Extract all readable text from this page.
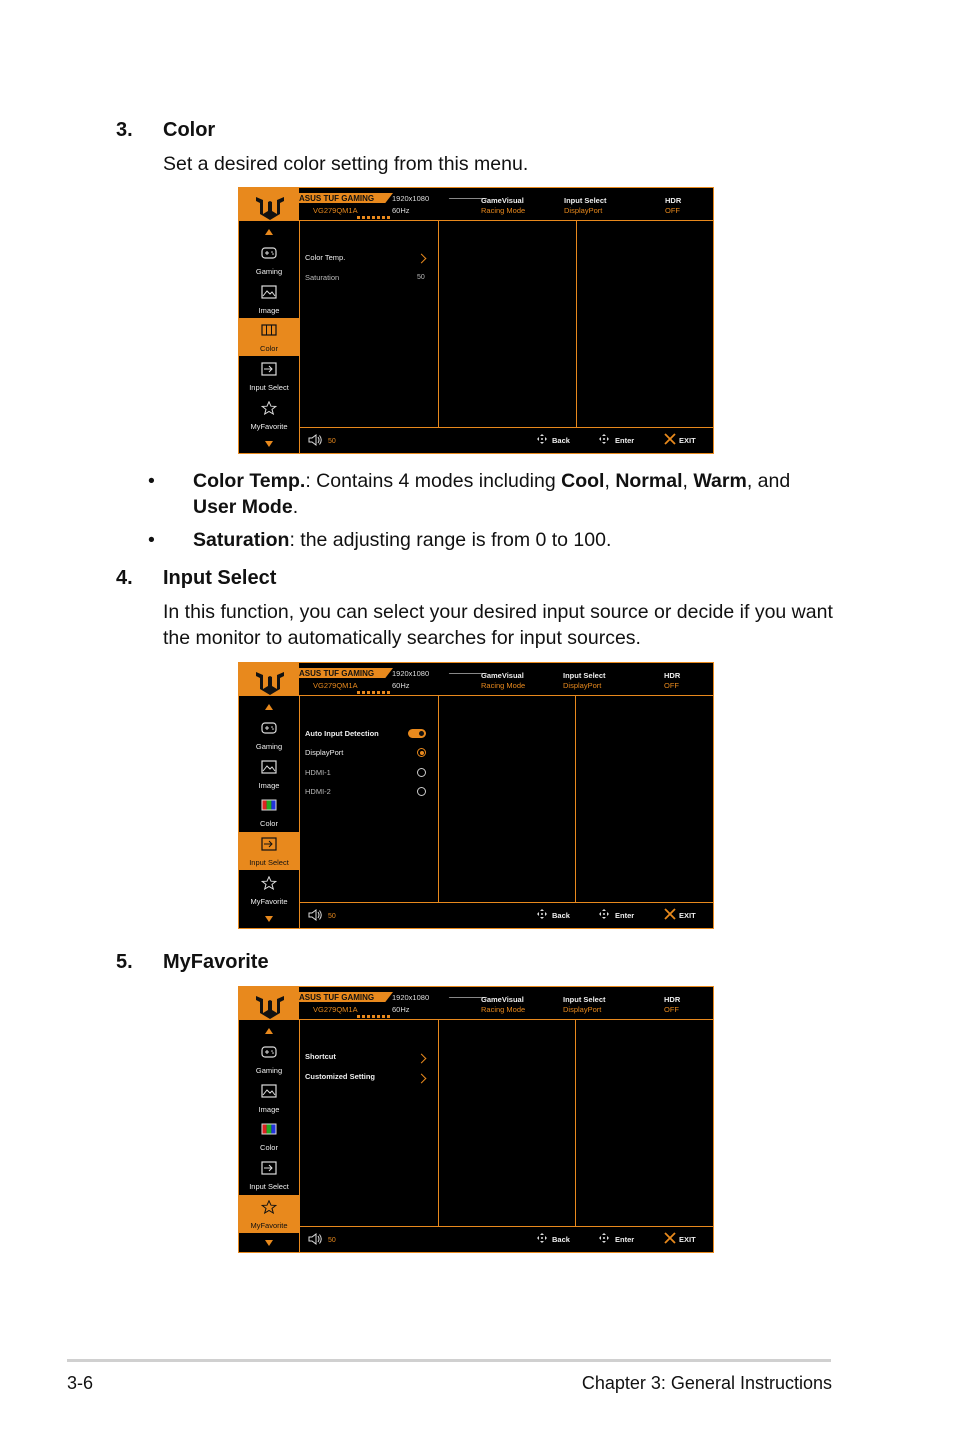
3. Color
Set a desired color setting from this menu.
ASUS TUF GAMING
VG279QM1A
1920x1080
60Hz
GameVisual
Racing Mode
Input Select
DisplayPort
HDR
OFF
Gaming
Image
Color
Input Select
MyFavorite
Color Temp.
Saturation	50
50	Back	Enter	EXIT
• Color Temp.: Contains 4 modes including Cool, Normal, Warm, and User Mode.
• Saturation: the adjusting range is from 0 to 100.
4. Input Select
In this function, you can select your desired input source or decide if you want the monitor to automatically searches for input sources.
ASUS TUF GAMING
VG279QM1A
1920x1080
60Hz
GameVisual
Racing Mode
Input Select
DisplayPort
HDR
OFF
Gaming
Image
Color
Input Select
MyFavorite
Auto Input Detection
DisplayPort
HDMI-1
HDMI-2
50	Back	Enter	EXIT
5. MyFavorite
ASUS TUF GAMING
VG279QM1A
1920x1080
60Hz
GameVisual
Racing Mode
Input Select
DisplayPort
HDR
OFF
Gaming
Image
Color
Input Select
MyFavorite
Shortcut
Customized Setting
50	Back	Enter	EXIT
3-6	Chapter 3: General Instructions
